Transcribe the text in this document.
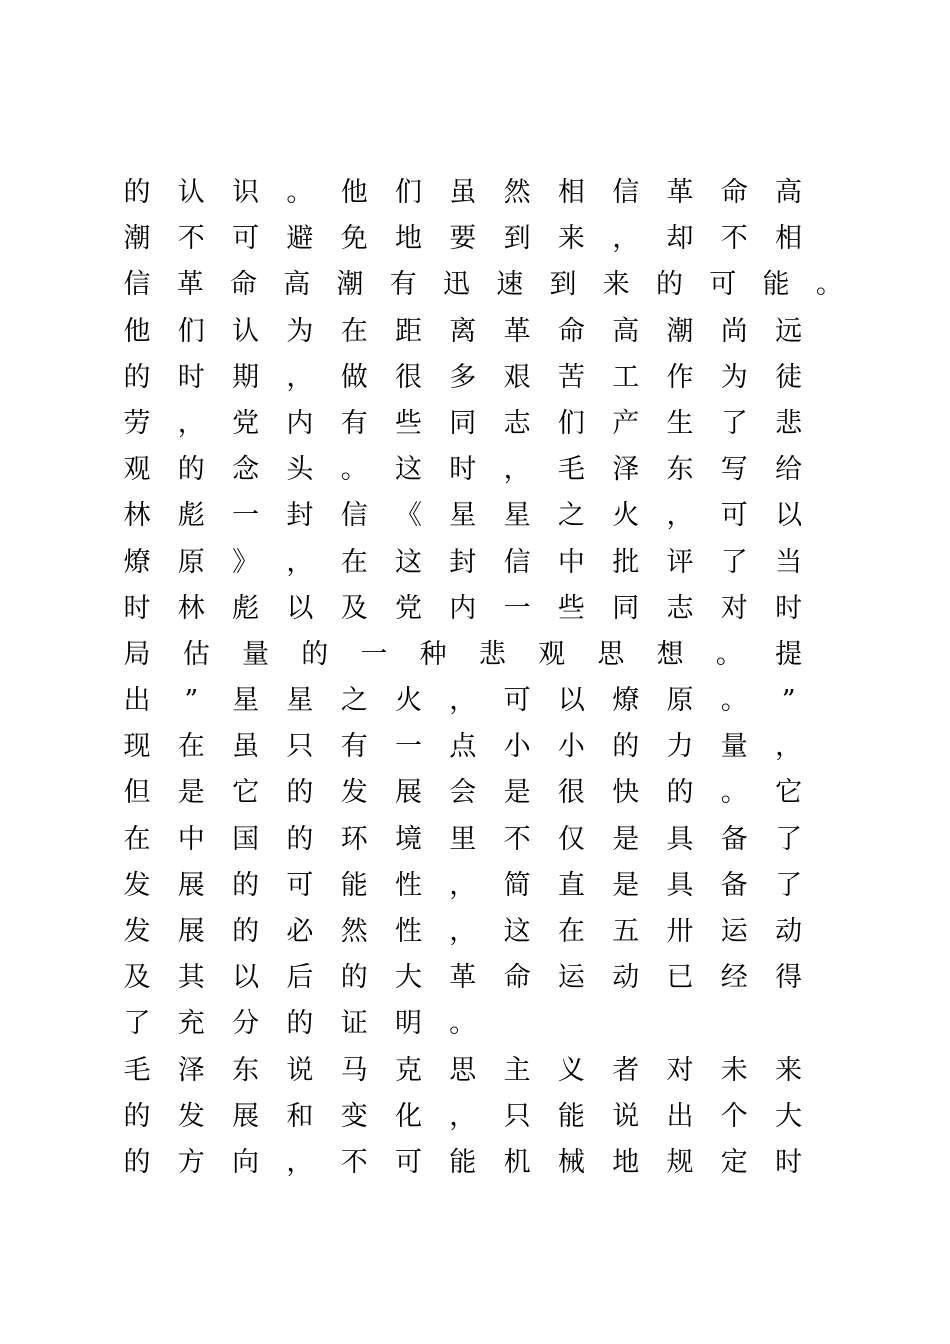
的 认 识 。 他 们 虽 然 相 信 革 命 高
潮 不 可 避 免 地 要 到 来 ， 却 不 相
信 革 命 高 潮 有 迅 速 到 来 的 可 能 。
他 们 认 为 在 距 离 革 命 高 潮 尚 远
的 时 期 ， 做 很 多 艰 苦 工 作 为 徒
劳 ， 党 内 有 些 同 志 们 产 生 了 悲
观 的 念 头 。 这 时 ， 毛 泽 东 写 给
林 彪 一 封 信 《 星 星 之 火 ， 可 以
燎 原 》 ， 在 这 封 信 中 批 评 了 当
时 林 彪 以 及 党 内 一 些 同 志 对 时
局 估 量 的 一 种 悲 观 思 想 。 提
出 ” 星 星 之 火 ， 可 以 燎 原 。 ”
现 在 虽 只 有 一 点 小 小 的 力 量 ，
但 是 它 的 发 展 会 是 很 快 的 。 它
在 中 国 的 环 境 里 不 仅 是 具 备 了
发 展 的 可 能 性 ， 简 直 是 具 备 了
发 展 的 必 然 性 ， 这 在 五 卅 运 动
及 其 以 后 的 大 革 命 运 动 已 经 得
了 充 分 的 证 明 。
毛 泽 东 说 马 克 思 主 义 者 对 未 来
的 发 展 和 变 化 ， 只 能 说 出 个 大
的 方 向 ， 不 可 能 机 械 地 规 定 时
